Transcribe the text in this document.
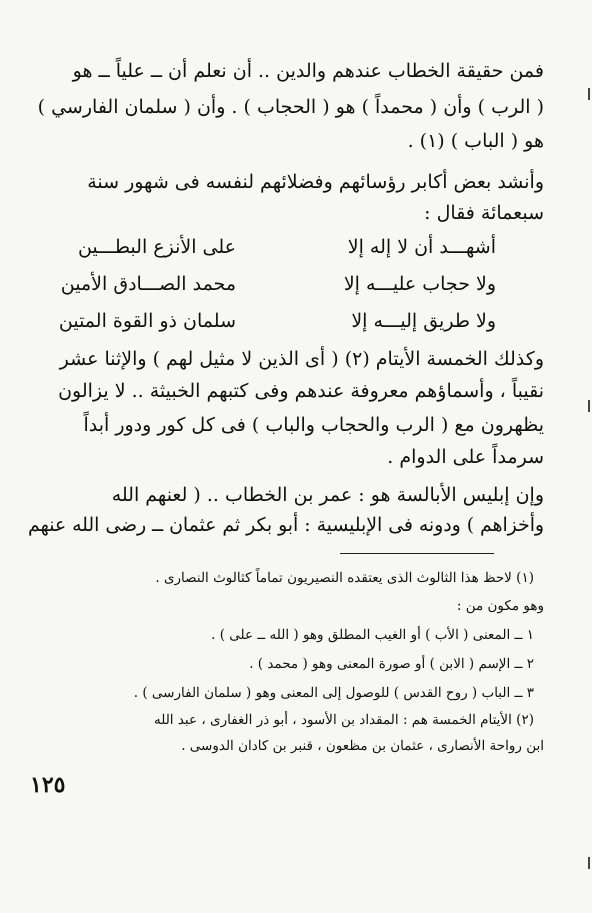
فمن حقيقة الخطاب عندهم والدين .. أن نعلم أن ــ علياً ــ هو
( الرب ) وأن ( محمداً ) هو ( الحجاب ) . وأن ( سلمان الفارسي )
هو ( الباب ) (١) .
وأنشد بعض أكابر رؤسائهم وفضلائهم لنفسه فى شهور سنة
سبعمائة فقال :
أشهـــد أن لا إله إلا
على الأنزع البطـــين
ولا حجاب عليـــه إلا
محمد الصـــادق الأمين
ولا طريق إليـــه إلا
سلمان ذو القوة المتين
وكذلك الخمسة الأيتام (٢) ( أى الذين لا مثيل لهم ) والإثنا عشر
نقيباً ، وأسماؤهم معروفة عندهم وفى كتبهم الخبيثة .. لا يزالون
يظهرون مع ( الرب والحجاب والباب ) فى كل كور ودور أبداً
سرمداً على الدوام .
وإن إبليس الأبالسة هو : عمر بن الخطاب .. ( لعنهم الله
وأخزاهم ) ودونه فى الإبليسية : أبو بكر ثم عثمان ــ رضى الله عنهم
(١) لاحظ هذا الثالوث الذى يعتقده النصيريون تماماً كثالوث النصارى .
وهو مكون من :
١ ــ المعنى ( الأب ) أو الغيب المطلق وهو ( الله ــ على ) .
٢ ــ الإسم ( الابن ) أو صورة المعنى وهو ( محمد ) .
٣ ــ الباب ( روح القدس ) للوصول إلى المعنى وهو ( سلمان الفارسى ) .
(٢) الأيتام الخمسة هم : المقداد بن الأسود ، أبو ذر الغفارى ، عبد الله
ابن رواحة الأنصارى ، عثمان بن مظعون ، قنبر بن كادان الدوسى .
١٢٥
